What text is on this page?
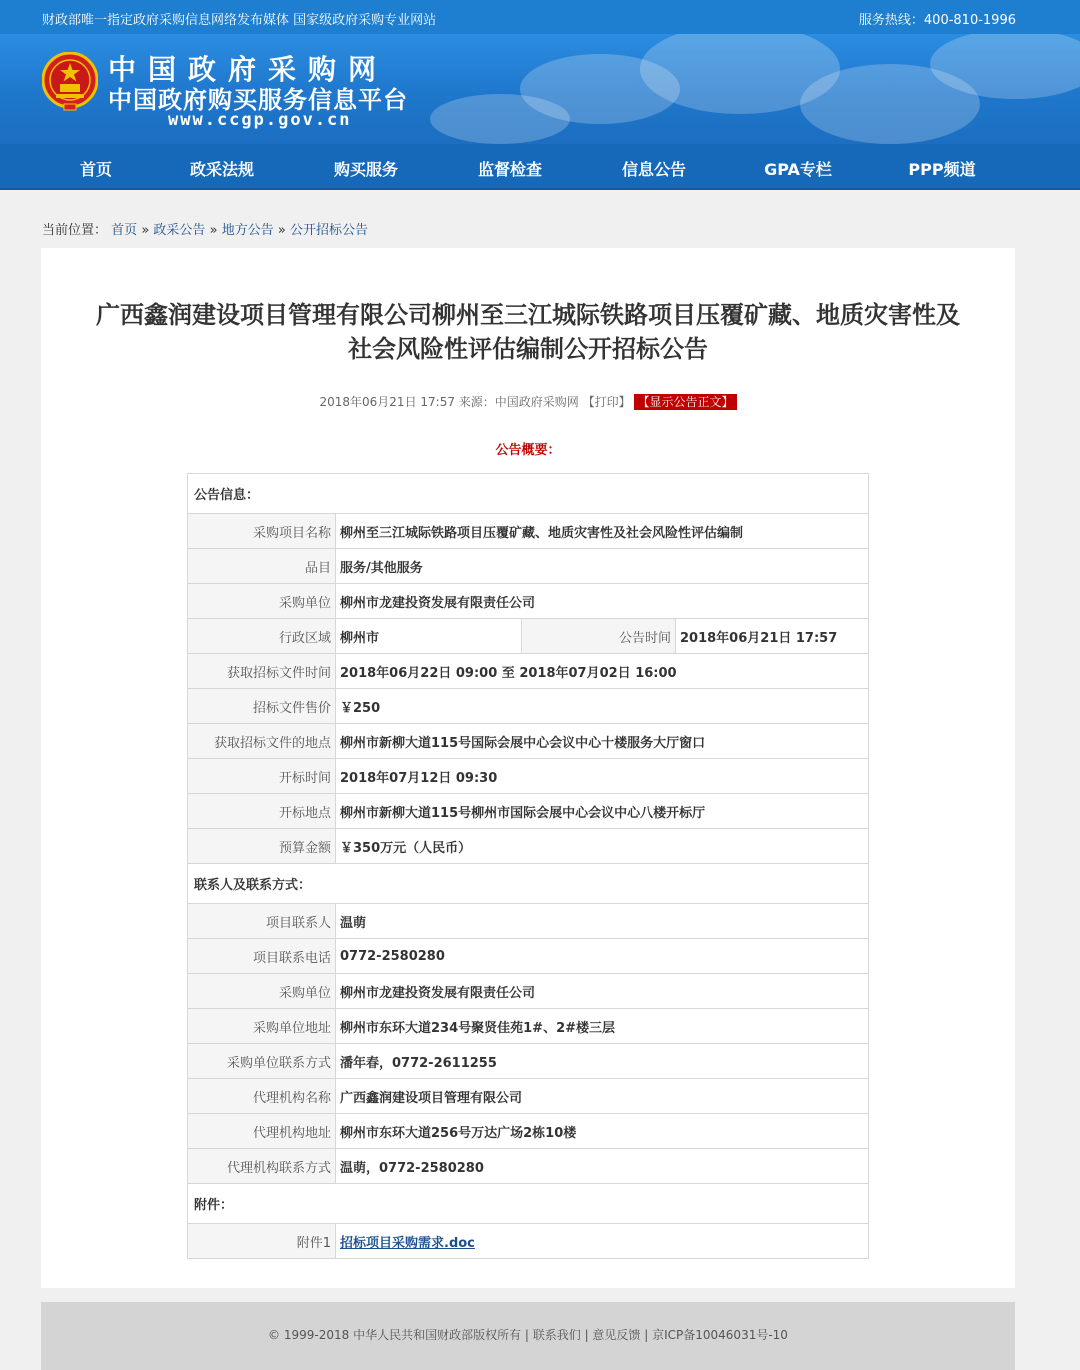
财政部唯一指定政府采购信息网络发布媒体 国家级政府采购专业网站	服务热线：400-810-1996
中国政府采购网
中国政府购买服务信息平台
www.ccgp.gov.cn
首页	政采法规	购买服务	监督检查	信息公告	GPA专栏	PPP频道
当前位置： 首页 » 政采公告 » 地方公告 » 公开招标公告
广西鑫润建设项目管理有限公司柳州至三江城际铁路项目压覆矿藏、地质灾害性及
社会风险性评估编制公开招标公告
2018年06月21日 17:57 来源：中国政府采购网 【打印】 【显示公告正文】
公告概要：
公告信息：			
采购项目名称	柳州至三江城际铁路项目压覆矿藏、地质灾害性及社会风险性评估编制		
品目	服务/其他服务		
采购单位	柳州市龙建投资发展有限责任公司		
行政区域	柳州市	公告时间	2018年06月21日 17:57
获取招标文件时间	2018年06月22日 09:00 至 2018年07月02日 16:00		
招标文件售价	￥250		
获取招标文件的地点	柳州市新柳大道115号国际会展中心会议中心十楼服务大厅窗口		
开标时间	2018年07月12日 09:30		
开标地点	柳州市新柳大道115号柳州市国际会展中心会议中心八楼开标厅		
预算金额	￥350万元（人民币）		
联系人及联系方式：			
项目联系人	温萌		
项目联系电话	0772-2580280		
采购单位	柳州市龙建投资发展有限责任公司		
采购单位地址	柳州市东环大道234号聚贤佳苑1#、2#楼三层		
采购单位联系方式	潘年春，0772-2611255		
代理机构名称	广西鑫润建设项目管理有限公司		
代理机构地址	柳州市东环大道256号万达广场2栋10楼		
代理机构联系方式	温萌，0772-2580280		
附件：			
附件1	招标项目采购需求.doc		
© 1999-2018 中华人民共和国财政部版权所有 | 联系我们 | 意见反馈 | 京ICP备10046031号-10
